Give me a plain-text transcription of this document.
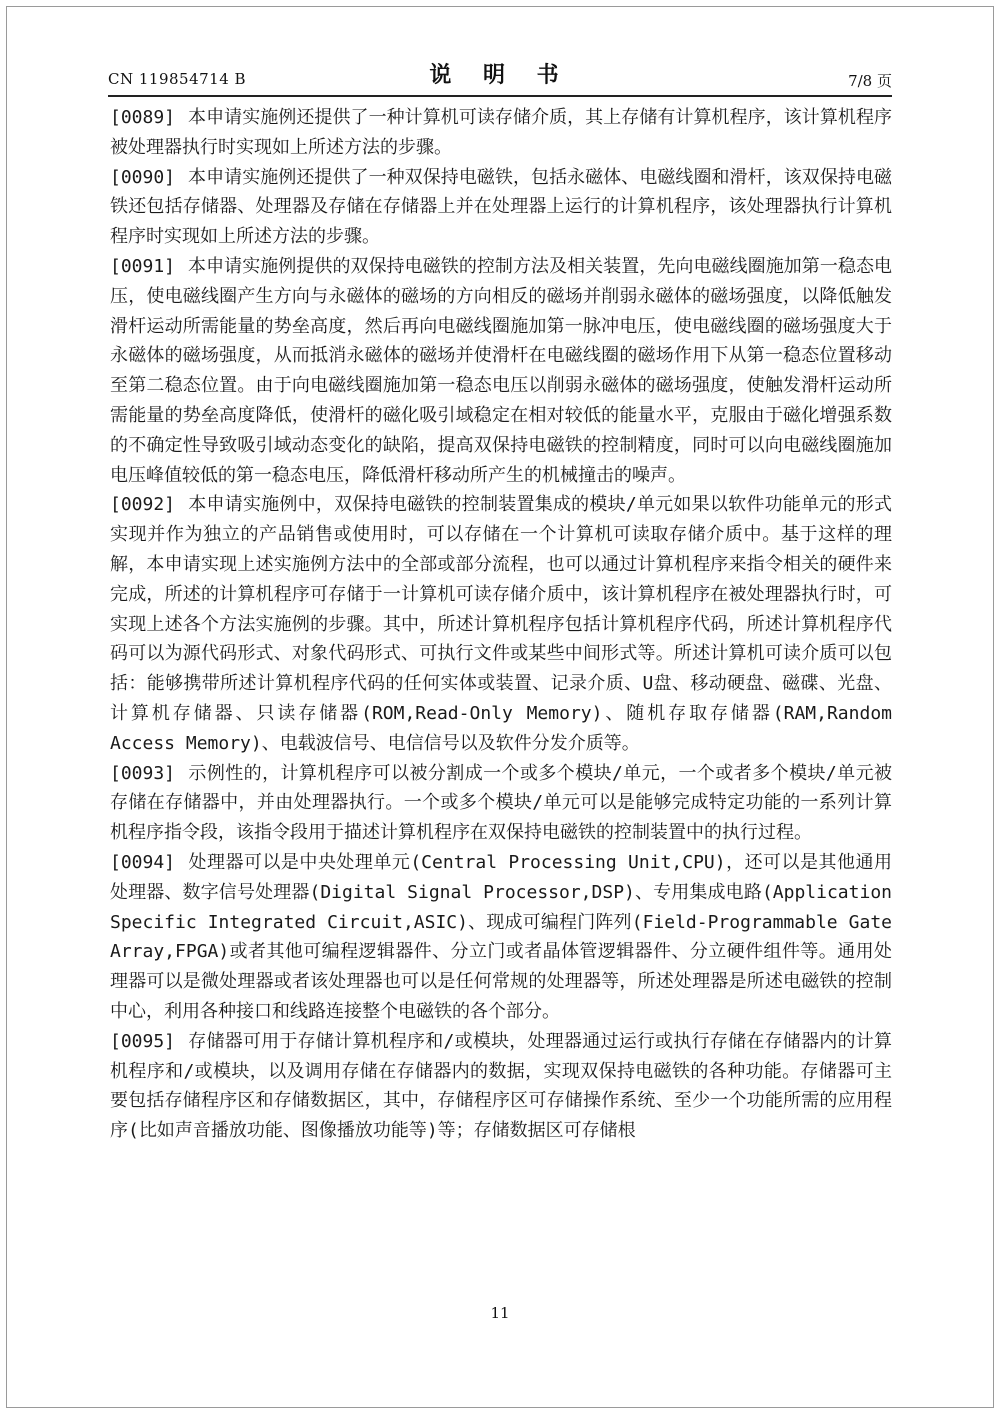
CN 119854714 B	说 明 书	7/8 页

[0089] 本申请实施例还提供了一种计算机可读存储介质，其上存储有计算机程序，该计算机程序被处理器执行时实现如上所述方法的步骤。

[0090] 本申请实施例还提供了一种双保持电磁铁，包括永磁体、电磁线圈和滑杆，该双保持电磁铁还包括存储器、处理器及存储在存储器上并在处理器上运行的计算机程序，该处理器执行计算机程序时实现如上所述方法的步骤。

[0091] 本申请实施例提供的双保持电磁铁的控制方法及相关装置，先向电磁线圈施加第一稳态电压，使电磁线圈产生方向与永磁体的磁场的方向相反的磁场并削弱永磁体的磁场强度，以降低触发滑杆运动所需能量的势垒高度，然后再向电磁线圈施加第一脉冲电压，使电磁线圈的磁场强度大于永磁体的磁场强度，从而抵消永磁体的磁场并使滑杆在电磁线圈的磁场作用下从第一稳态位置移动至第二稳态位置。由于向电磁线圈施加第一稳态电压以削弱永磁体的磁场强度，使触发滑杆运动所需能量的势垒高度降低，使滑杆的磁化吸引域稳定在相对较低的能量水平，克服由于磁化增强系数的不确定性导致吸引域动态变化的缺陷，提高双保持电磁铁的控制精度，同时可以向电磁线圈施加电压峰值较低的第一稳态电压，降低滑杆移动所产生的机械撞击的噪声。

[0092] 本申请实施例中，双保持电磁铁的控制装置集成的模块/单元如果以软件功能单元的形式实现并作为独立的产品销售或使用时，可以存储在一个计算机可读取存储介质中。基于这样的理解，本申请实现上述实施例方法中的全部或部分流程，也可以通过计算机程序来指令相关的硬件来完成，所述的计算机程序可存储于一计算机可读存储介质中，该计算机程序在被处理器执行时，可实现上述各个方法实施例的步骤。其中，所述计算机程序包括计算机程序代码，所述计算机程序代码可以为源代码形式、对象代码形式、可执行文件或某些中间形式等。所述计算机可读介质可以包括：能够携带所述计算机程序代码的任何实体或装置、记录介质、U盘、移动硬盘、磁碟、光盘、计算机存储器、只读存储器(ROM,Read-Only Memory)、随机存取存储器(RAM,Random Access Memory)、电载波信号、电信信号以及软件分发介质等。

[0093] 示例性的，计算机程序可以被分割成一个或多个模块/单元，一个或者多个模块/单元被存储在存储器中，并由处理器执行。一个或多个模块/单元可以是能够完成特定功能的一系列计算机程序指令段，该指令段用于描述计算机程序在双保持电磁铁的控制装置中的执行过程。

[0094] 处理器可以是中央处理单元(Central Processing Unit,CPU)，还可以是其他通用处理器、数字信号处理器(Digital Signal Processor,DSP)、专用集成电路(Application Specific Integrated Circuit,ASIC)、现成可编程门阵列(Field-Programmable Gate Array,FPGA)或者其他可编程逻辑器件、分立门或者晶体管逻辑器件、分立硬件组件等。通用处理器可以是微处理器或者该处理器也可以是任何常规的处理器等，所述处理器是所述电磁铁的控制中心，利用各种接口和线路连接整个电磁铁的各个部分。

[0095] 存储器可用于存储计算机程序和/或模块，处理器通过运行或执行存储在存储器内的计算机程序和/或模块，以及调用存储在存储器内的数据，实现双保持电磁铁的各种功能。存储器可主要包括存储程序区和存储数据区，其中，存储程序区可存储操作系统、至少一个功能所需的应用程序(比如声音播放功能、图像播放功能等)等；存储数据区可存储根

11
